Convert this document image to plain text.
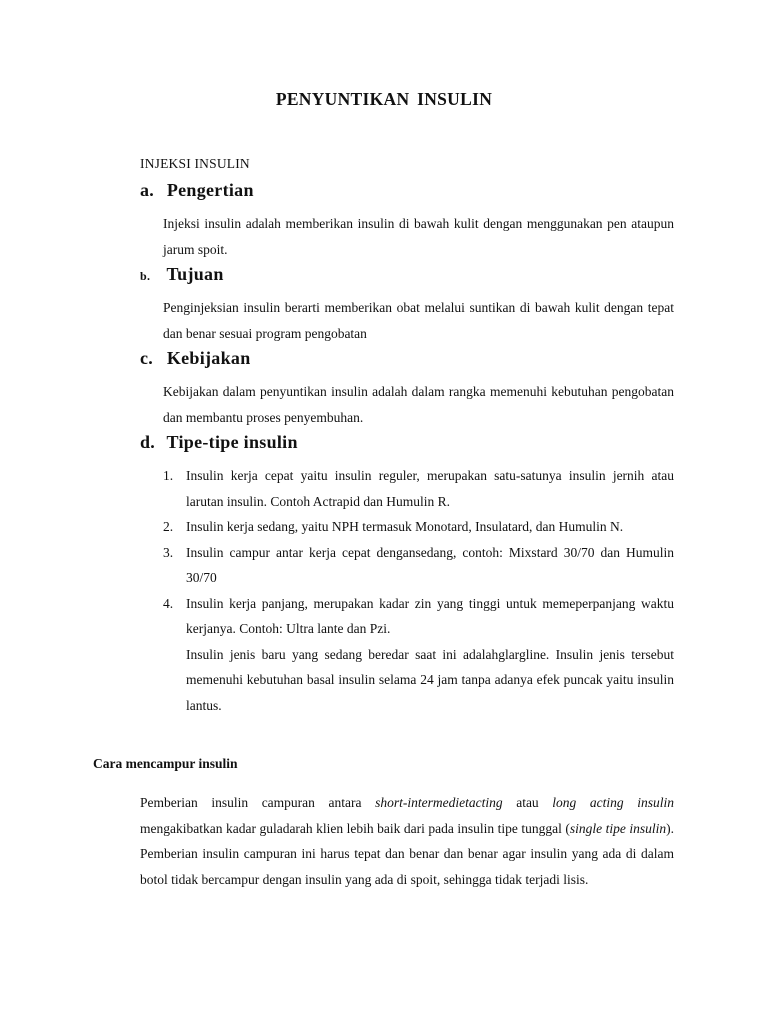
PENYUNTIKAN INSULIN
INJEKSI INSULIN
a. Pengertian
Injeksi insulin adalah memberikan insulin di bawah kulit dengan menggunakan pen ataupun jarum spoit.
b. Tujuan
Penginjeksian insulin berarti memberikan obat melalui suntikan di bawah kulit dengan tepat dan benar sesuai program pengobatan
c. Kebijakan
Kebijakan dalam penyuntikan insulin adalah dalam rangka memenuhi kebutuhan pengobatan dan membantu proses penyembuhan.
d. Tipe-tipe insulin
1. Insulin kerja cepat yaitu insulin reguler, merupakan satu-satunya insulin jernih atau larutan insulin. Contoh Actrapid dan Humulin R.
2. Insulin kerja sedang, yaitu NPH termasuk Monotard, Insulatard, dan Humulin N.
3. Insulin campur antar kerja cepat dengansedang, contoh: Mixstard 30/70 dan Humulin 30/70
4. Insulin kerja panjang, merupakan kadar zin yang tinggi untuk memeperpanjang waktu kerjanya. Contoh: Ultra lante dan Pzi.
Insulin jenis baru yang sedang beredar saat ini adalahglargline. Insulin jenis tersebut memenuhi kebutuhan basal insulin selama 24 jam tanpa adanya efek puncak yaitu insulin lantus.
Cara mencampur insulin
Pemberian insulin campuran antara short-intermedietacting atau long acting insulin mengakibatkan kadar guladarah klien lebih baik dari pada insulin tipe tunggal (single tipe insulin). Pemberian insulin campuran ini harus tepat dan benar dan benar agar insulin yang ada di dalam botol tidak bercampur dengan insulin yang ada di spoit, sehingga tidak terjadi lisis.
